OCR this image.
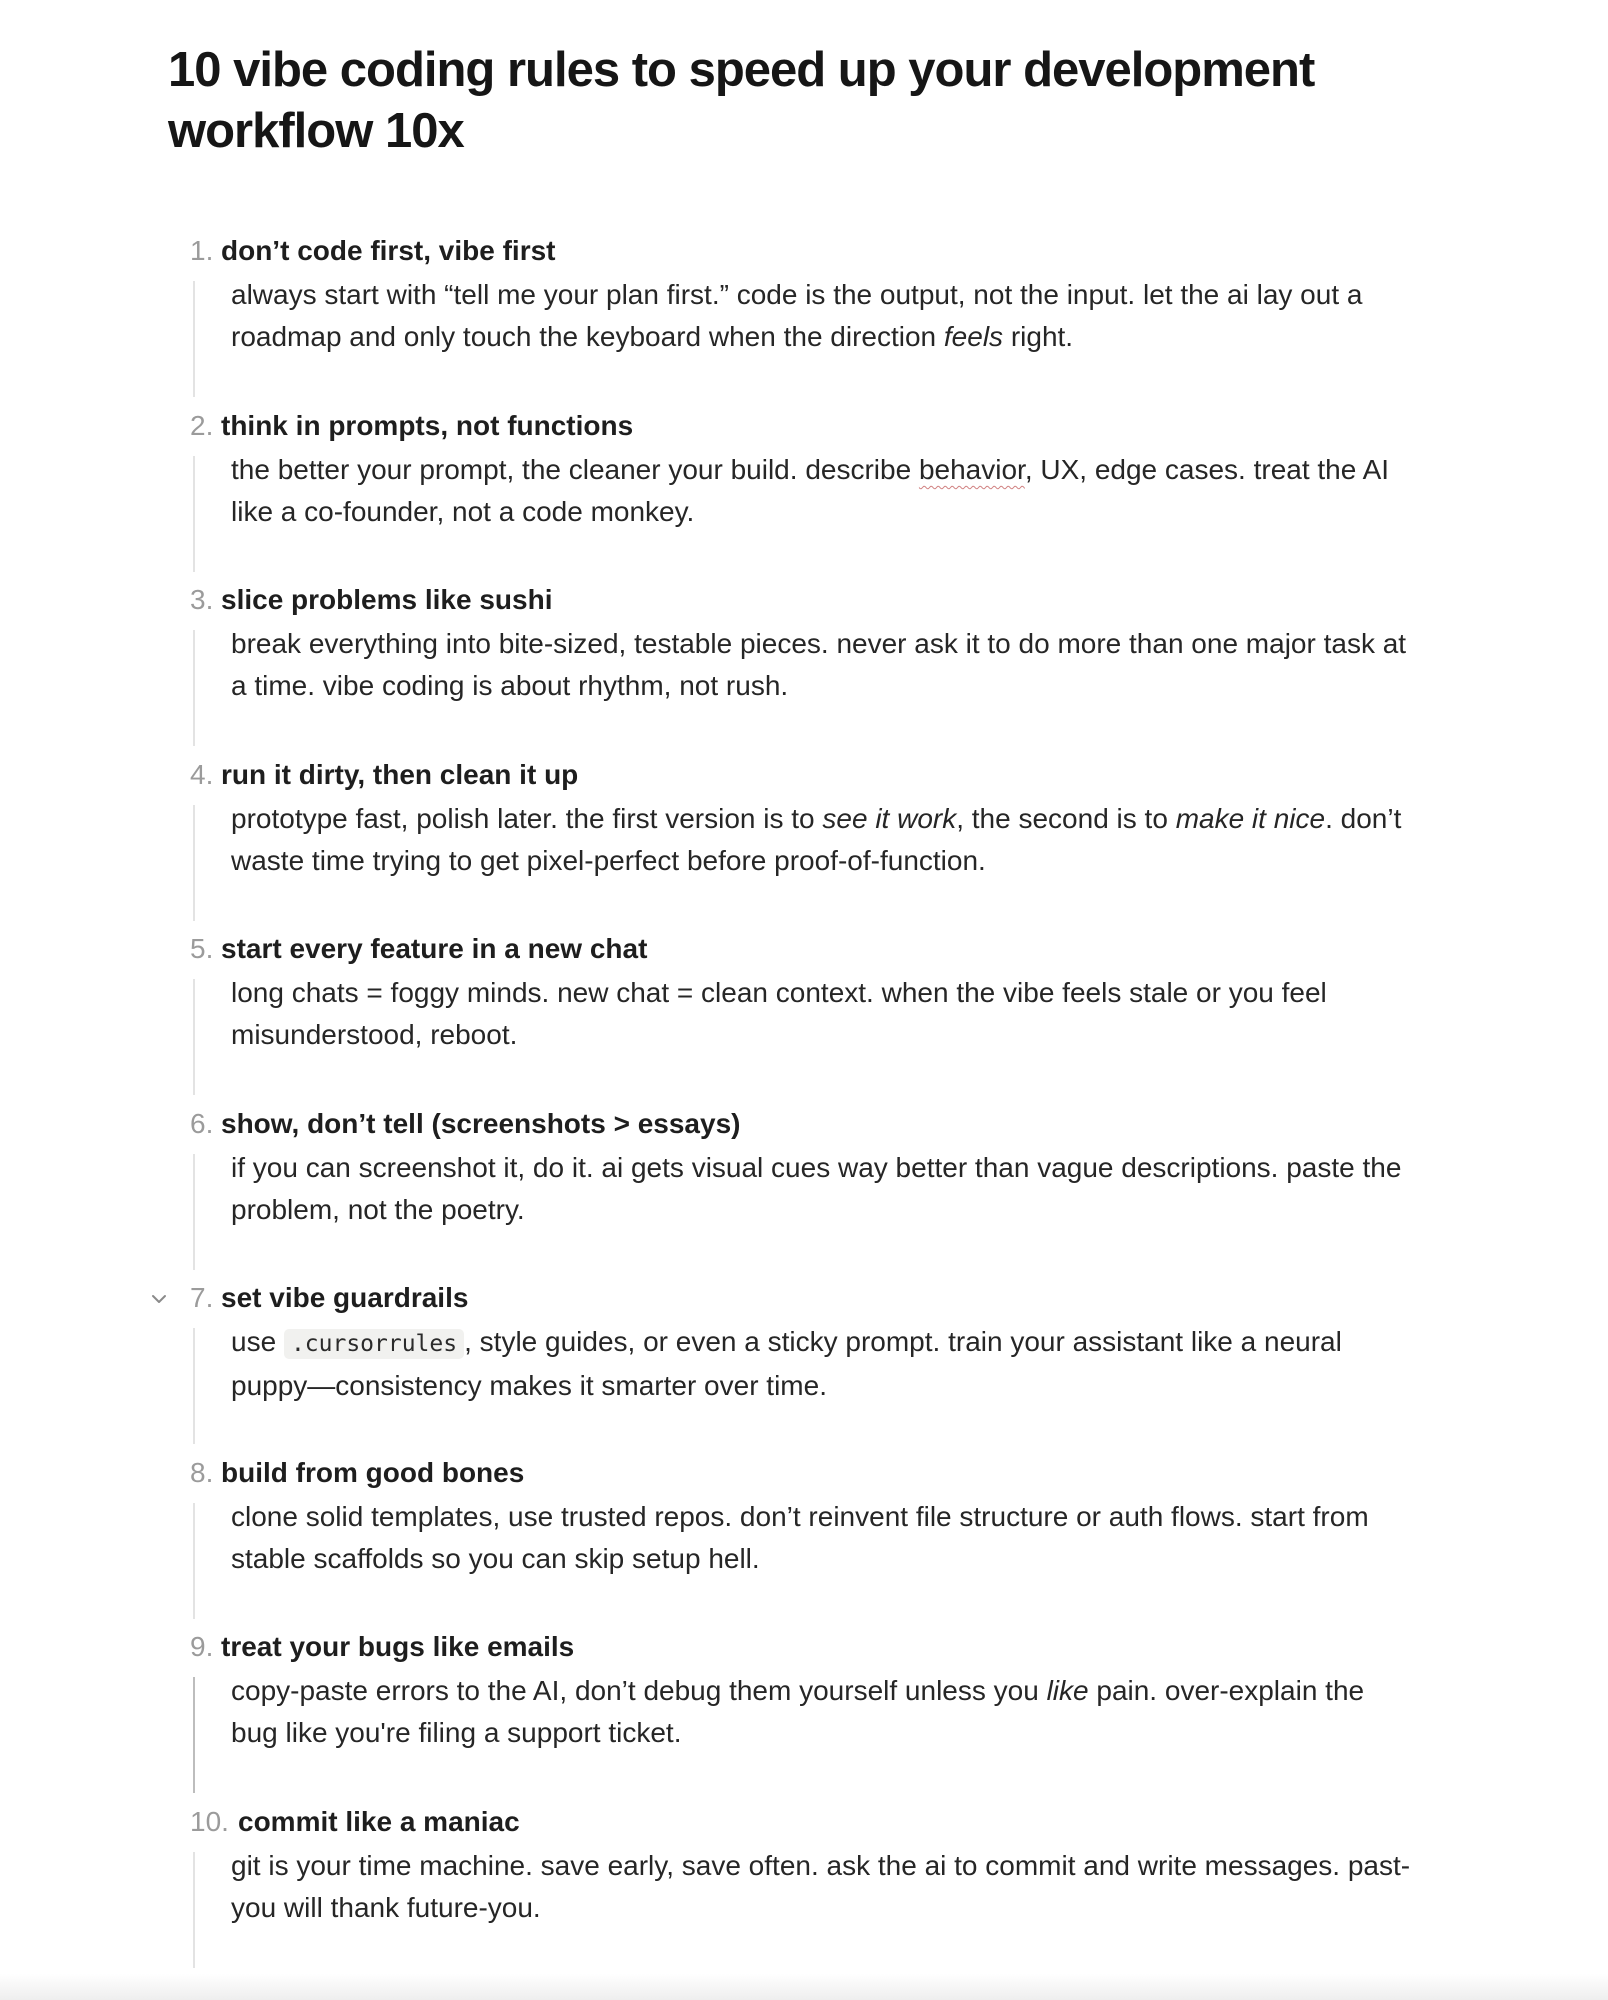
10 vibe coding rules to speed up your development workflow 10x
1. don’t code first, vibe first

always start with “tell me your plan first.” code is the output, not the input. let the ai lay out a roadmap and only touch the keyboard when the direction feels right.

2. think in prompts, not functions

the better your prompt, the cleaner your build. describe behavior, UX, edge cases. treat the AI like a co-founder, not a code monkey.

3. slice problems like sushi

break everything into bite-sized, testable pieces. never ask it to do more than one major task at a time. vibe coding is about rhythm, not rush.

4. run it dirty, then clean it up

prototype fast, polish later. the first version is to see it work, the second is to make it nice. don’t waste time trying to get pixel-perfect before proof-of-function.

5. start every feature in a new chat

long chats = foggy minds. new chat = clean context. when the vibe feels stale or you feel misunderstood, reboot.

6. show, don’t tell (screenshots > essays)

if you can screenshot it, do it. ai gets visual cues way better than vague descriptions. paste the problem, not the poetry.

7. set vibe guardrails

use .cursorrules , style guides, or even a sticky prompt. train your assistant like a neural puppy—consistency makes it smarter over time.

8. build from good bones

clone solid templates, use trusted repos. don’t reinvent file structure or auth flows. start from stable scaffolds so you can skip setup hell.

9. treat your bugs like emails

copy-paste errors to the AI, don’t debug them yourself unless you like pain. over-explain the bug like you're filing a support ticket.

10. commit like a maniac

git is your time machine. save early, save often. ask the ai to commit and write messages. past-you will thank future-you.
